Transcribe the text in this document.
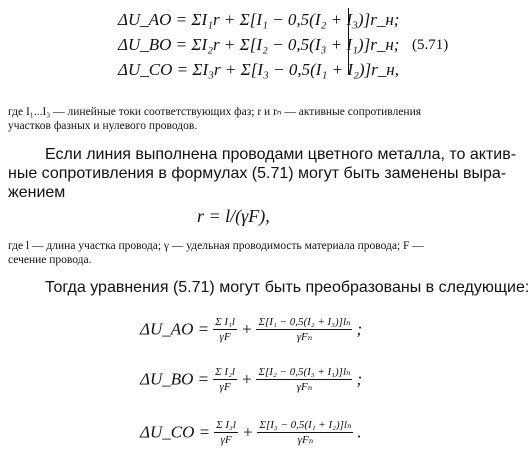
ΔU_AO = ΣI₁r + Σ[I₁ − 0,5(I₂ + I₃)]r_н;
ΔU_BO = ΣI₂r + Σ[I₂ − 0,5(I₃ + I₁)]r_н;
ΔU_CO = ΣI₃r + Σ[I₃ − 0,5(I₁ + I₂)]r_н,
(5.71)
где I₁...I₃ — линейные токи соответствующих фаз; r и rₙ — активные сопротивления
участков фазных и нулевого проводов.
Если линия выполнена проводами цветного металла, то актив-
ные сопротивления в формулах (5.71) могут быть заменены выра-
жением
r = l/(γF),
где l — длина участка провода; γ — удельная проводимость материала провода; F —
сечение провода.
Тогда уравнения (5.71) могут быть преобразованы в следующие:
ΔU_AO = $\frac{\text{Σ I₁l}}{\gamma F} + \frac{\text{Σ[I₁ − 0,5(I₂ + I₃)]lₙ}}{\text{γFₙ}}$ ;
ΔU_BO = $\frac{\text{Σ I₂l}}{\gamma F} + \frac{\text{Σ[I₂ − 0,5(I₃ + I₁)]lₙ}}{\text{γFₙ}}$ ;
ΔU_CO = $\frac{\text{Σ I₃l}}{\gamma F} + \frac{\text{Σ[I₃ − 0,5(I₁ + I₂)]lₙ}}{\text{γFₙ}}$ .
